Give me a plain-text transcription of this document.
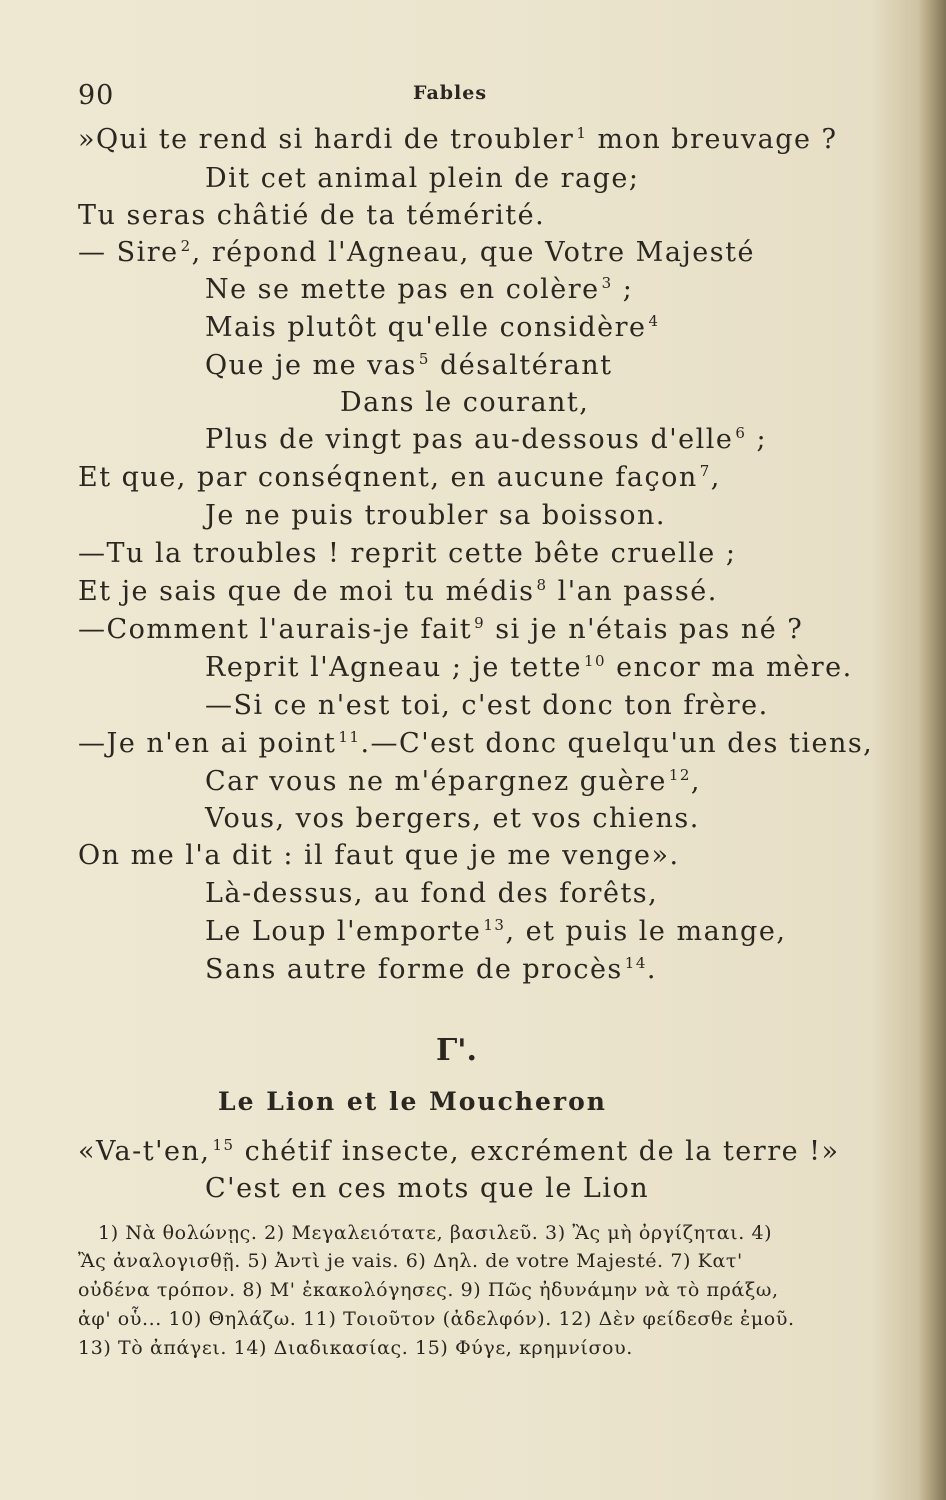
90	Fables
»Qui te rend si hardi de troubler $^1$ mon breuvage ?
Dit cet animal plein de rage;
Tu seras châtié de ta témérité.
— Sire $^2$, répond l'Agneau, que Votre Majesté
Ne se mette pas en colère $^3$ ;
Mais plutôt qu'elle considère $^4$
Que je me vas $^5$ désaltérant
Dans le courant,
Plus de vingt pas au-dessous d'elle $^6$ ;
Et que, par conséqnent, en aucune façon $^7$,
Je ne puis troubler sa boisson.
—Tu la troubles ! reprit cette bête cruelle ;
Et je sais que de moi tu médis $^8$ l'an passé.
—Comment l'aurais-je fait $^9$ si je n'étais pas né ?
Reprit l'Agneau ; je tette $^{10}$ encor ma mère.
—Si ce n'est toi, c'est donc ton frère.
—Je n'en ai point $^{11}$.—C'est donc quelqu'un des tiens,
Car vous ne m'épargnez guère $^{12}$,
Vous, vos bergers, et vos chiens.
On me l'a dit : il faut que je me venge».
Là-dessus, au fond des forêts,
Le Loup l'emporte $^{13}$, et puis le mange,
Sans autre forme de procès $^{14}$.
Γ'.
Le Lion et le Moucheron
«Va-t'en, $^{15}$ chétif insecte, excrément de la terre !»
C'est en ces mots que le Lion
1) Νὰ θολώνῃς. 2) Μεγαλειότατε, βασιλεῦ. 3) Ἂς μὴ ὀργίζηται. 4)
Ἂς ἀναλογισθῇ. 5) Ἀντὶ je vais. 6) Δηλ. de votre Majesté. 7) Κατ'
οὐδένα τρόπον. 8) Μ' ἐκακολόγησες. 9) Πῶς ἠδυνάμην νὰ τὸ πράξω,
ἀφ' οὗ... 10) Θηλάζω. 11) Τοιοῦτον (ἀδελφόν). 12) Δὲν φείδεσθε ἐμοῦ.
13) Τὸ ἀπάγει. 14) Διαδικασίας. 15) Φύγε, κρημνίσου.
